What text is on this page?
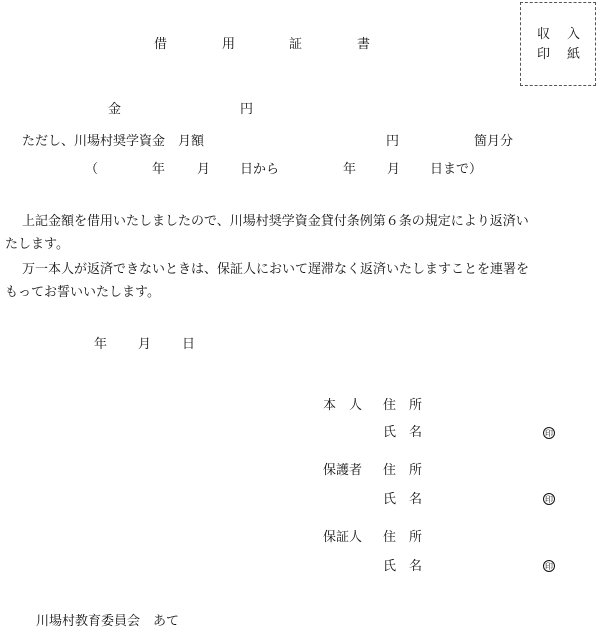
借	用	証	書
収 入
印 紙
金	円
ただし、川場村奨学資金　月額	円	箇月分
（	年 月 日から	年 月 日まで）
上記金額を借用いたしましたので、川場村奨学資金貸付条例第６条の規定により返済い
たします。
万一本人が返済できないときは、保証人において遅滞なく返済いたしますことを連署を
もってお誓いいたします。
年 月 日
本　人 住　所
氏　名	印
保護者 住　所
氏　名	印
保証人 住　所
氏　名	印
川場村教育委員会　あて
